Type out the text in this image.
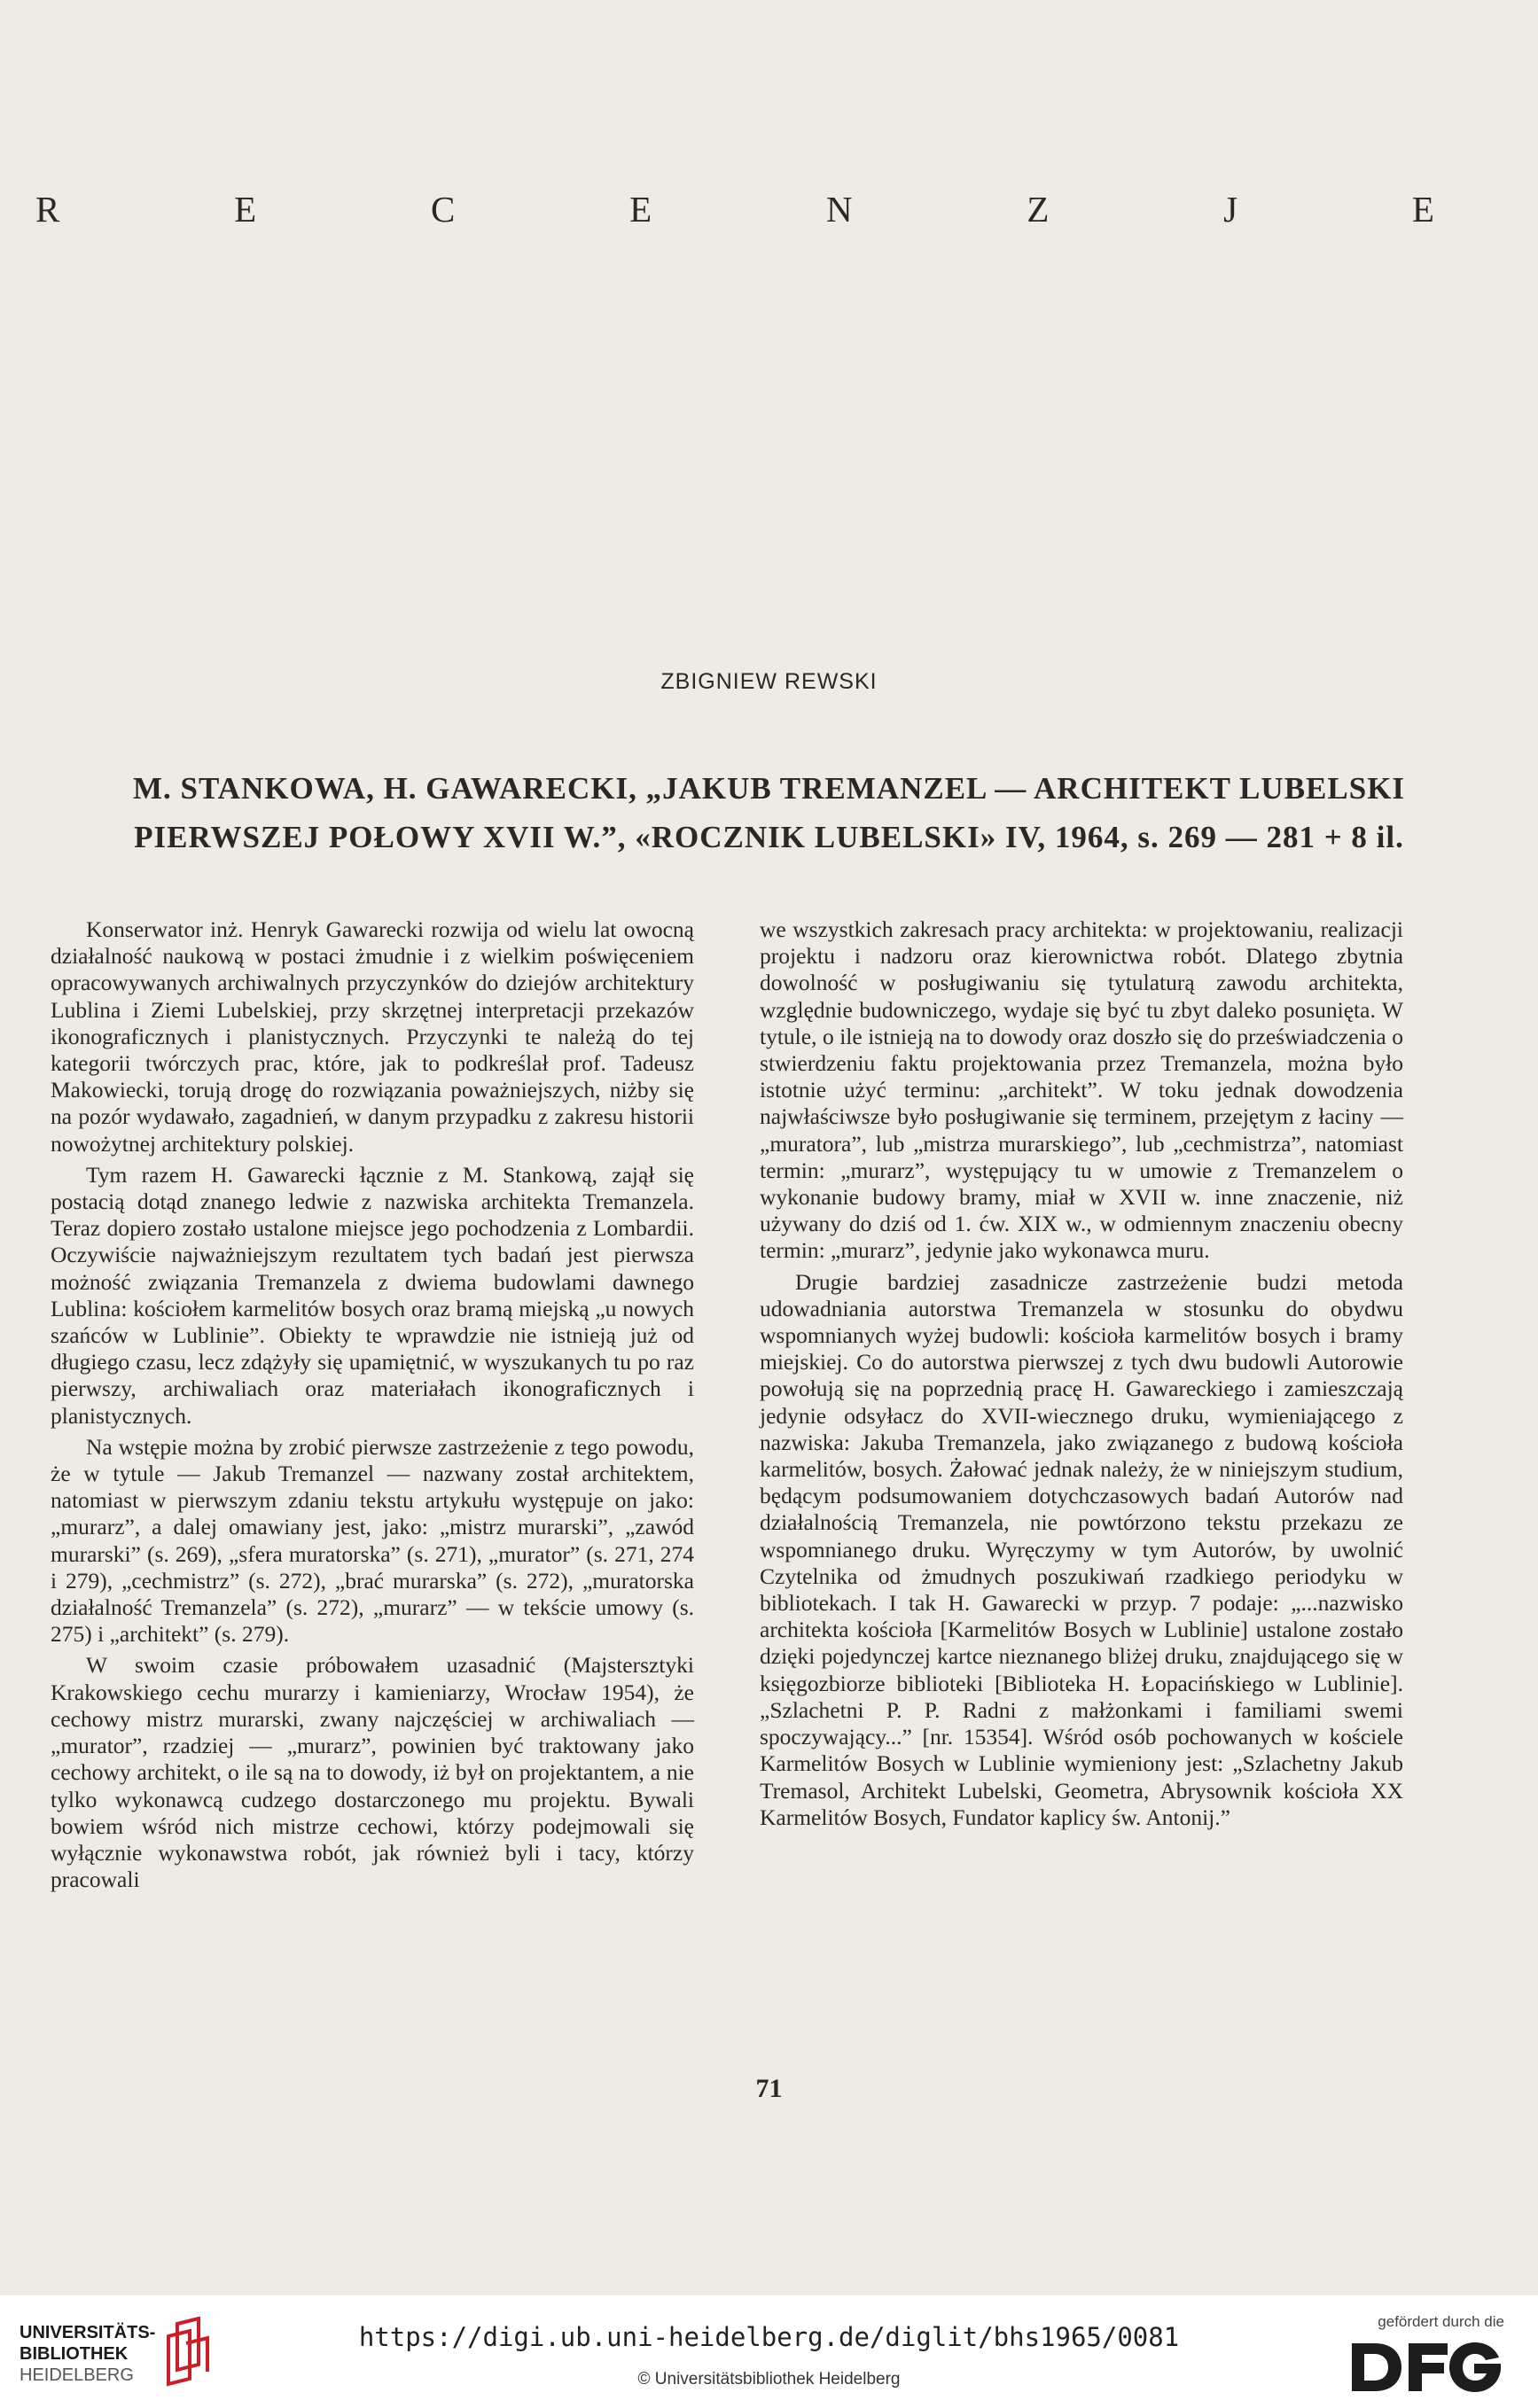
R	E	C	E	N	Z	J	E
ZBIGNIEW REWSKI
M. STANKOWA, H. GAWARECKI, „JAKUB TREMANZEL — ARCHITEKT LUBELSKI
PIERWSZEJ POŁOWY XVII W.”, «ROCZNIK LUBELSKI» IV, 1964, s. 269 — 281 + 8 il.

Konserwator inż. Henryk Gawarecki rozwija od wielu lat owocną działalność naukową w postaci żmudnie i z wielkim poświęceniem opracowywanych archiwalnych przyczynków do dziejów architektury Lublina i Ziemi Lubelskiej, przy skrzętnej interpretacji przekazów ikonograficznych i planistycznych. Przyczynki te należą do tej kategorii twórczych prac, które, jak to podkreślał prof. Tadeusz Makowiecki, torują drogę do rozwiązania poważniejszych, niżby się na pozór wydawało, zagadnień, w danym przypadku z zakresu historii nowożytnej architektury polskiej.

Tym razem H. Gawarecki łącznie z M. Stankową, zajął się postacią dotąd znanego ledwie z nazwiska architekta Tremanzela. Teraz dopiero zostało ustalone miejsce jego pochodzenia z Lombardii. Oczywiście najważniejszym rezultatem tych badań jest pierwsza możność związania Tremanzela z dwiema budowlami dawnego Lublina: kościołem karmelitów bosych oraz bramą miejską „u nowych szańców w Lublinie”. Obiekty te wprawdzie nie istnieją już od długiego czasu, lecz zdążyły się upamiętnić, w wyszukanych tu po raz pierwszy, archiwaliach oraz materiałach ikonograficznych i planistycznych.

Na wstępie można by zrobić pierwsze zastrzeżenie z tego powodu, że w tytule — Jakub Tremanzel — nazwany został architektem, natomiast w pierwszym zdaniu tekstu artykułu występuje on jako: „murarz”, a dalej omawiany jest, jako: „mistrz murarski”, „zawód murarski” (s. 269), „sfera muratorska” (s. 271), „murator” (s. 271, 274 i 279), „cechmistrz” (s. 272), „brać murarska” (s. 272), „muratorska działalność Tremanzela” (s. 272), „murarz” — w tekście umowy (s. 275) i „architekt” (s. 279).

W swoim czasie próbowałem uzasadnić (Majstersztyki Krakowskiego cechu murarzy i kamieniarzy, Wrocław 1954), że cechowy mistrz murarski, zwany najczęściej w archiwaliach — „murator”, rzadziej — „murarz”, powinien być traktowany jako cechowy architekt, o ile są na to dowody, iż był on projektantem, a nie tylko wykonawcą cudzego dostarczonego mu projektu. Bywali bowiem wśród nich mistrze cechowi, którzy podejmowali się wyłącznie wykonawstwa robót, jak również byli i tacy, którzy pracowali

we wszystkich zakresach pracy architekta: w projektowaniu, realizacji projektu i nadzoru oraz kierownictwa robót. Dlatego zbytnia dowolność w posługiwaniu się tytulaturą zawodu architekta, względnie budowniczego, wydaje się być tu zbyt daleko posunięta. W tytule, o ile istnieją na to dowody oraz doszło się do przeświadczenia o stwierdzeniu faktu projektowania przez Tremanzela, można było istotnie użyć terminu: „architekt”. W toku jednak dowodzenia najwłaściwsze było posługiwanie się terminem, przejętym z łaciny — „muratora”, lub „mistrza murarskiego”, lub „cechmistrza”, natomiast termin: „murarz”, występujący tu w umowie z Tremanzelem o wykonanie budowy bramy, miał w XVII w. inne znaczenie, niż używany do dziś od 1. ćw. XIX w., w odmiennym znaczeniu obecny termin: „murarz”, jedynie jako wykonawca muru.

Drugie bardziej zasadnicze zastrzeżenie budzi metoda udowadniania autorstwa Tremanzela w stosunku do obydwu wspomnianych wyżej budowli: kościoła karmelitów bosych i bramy miejskiej. Co do autorstwa pierwszej z tych dwu budowli Autorowie powołują się na poprzednią pracę H. Gawareckiego i zamieszczają jedynie odsyłacz do XVII-wiecznego druku, wymieniającego z nazwiska: Jakuba Tremanzela, jako związanego z budową kościoła karmelitów, bosych. Żałować jednak należy, że w niniejszym studium, będącym podsumowaniem dotychczasowych badań Autorów nad działalnością Tremanzela, nie powtórzono tekstu przekazu ze wspomnianego druku. Wyręczymy w tym Autorów, by uwolnić Czytelnika od żmudnych poszukiwań rzadkiego periodyku w bibliotekach. I tak H. Gawarecki w przyp. 7 podaje: „...nazwisko architekta kościoła [Karmelitów Bosych w Lublinie] ustalone zostało dzięki pojedynczej kartce nieznanego bliżej druku, znajdującego się w księgozbiorze biblioteki [Biblioteka H. Łopacińskiego w Lublinie].„Szlachetni P. P. Radni z małżonkami i familiami swemi spoczywający...” [nr. 15354]. Wśród osób pochowanych w kościele Karmelitów Bosych w Lublinie wymieniony jest: „Szlachetny Jakub Tremasol, Architekt Lubelski, Geometra, Abrysownik kościoła XX Karmelitów Bosych, Fundator kaplicy św. Antonij.”

71
UNIVERSITÄTS-
BIBLIOTHEK
HEIDELBERG
https://digi.ub.uni-heidelberg.de/diglit/bhs1965/0081
© Universitätsbibliothek Heidelberg
gefördert durch die
